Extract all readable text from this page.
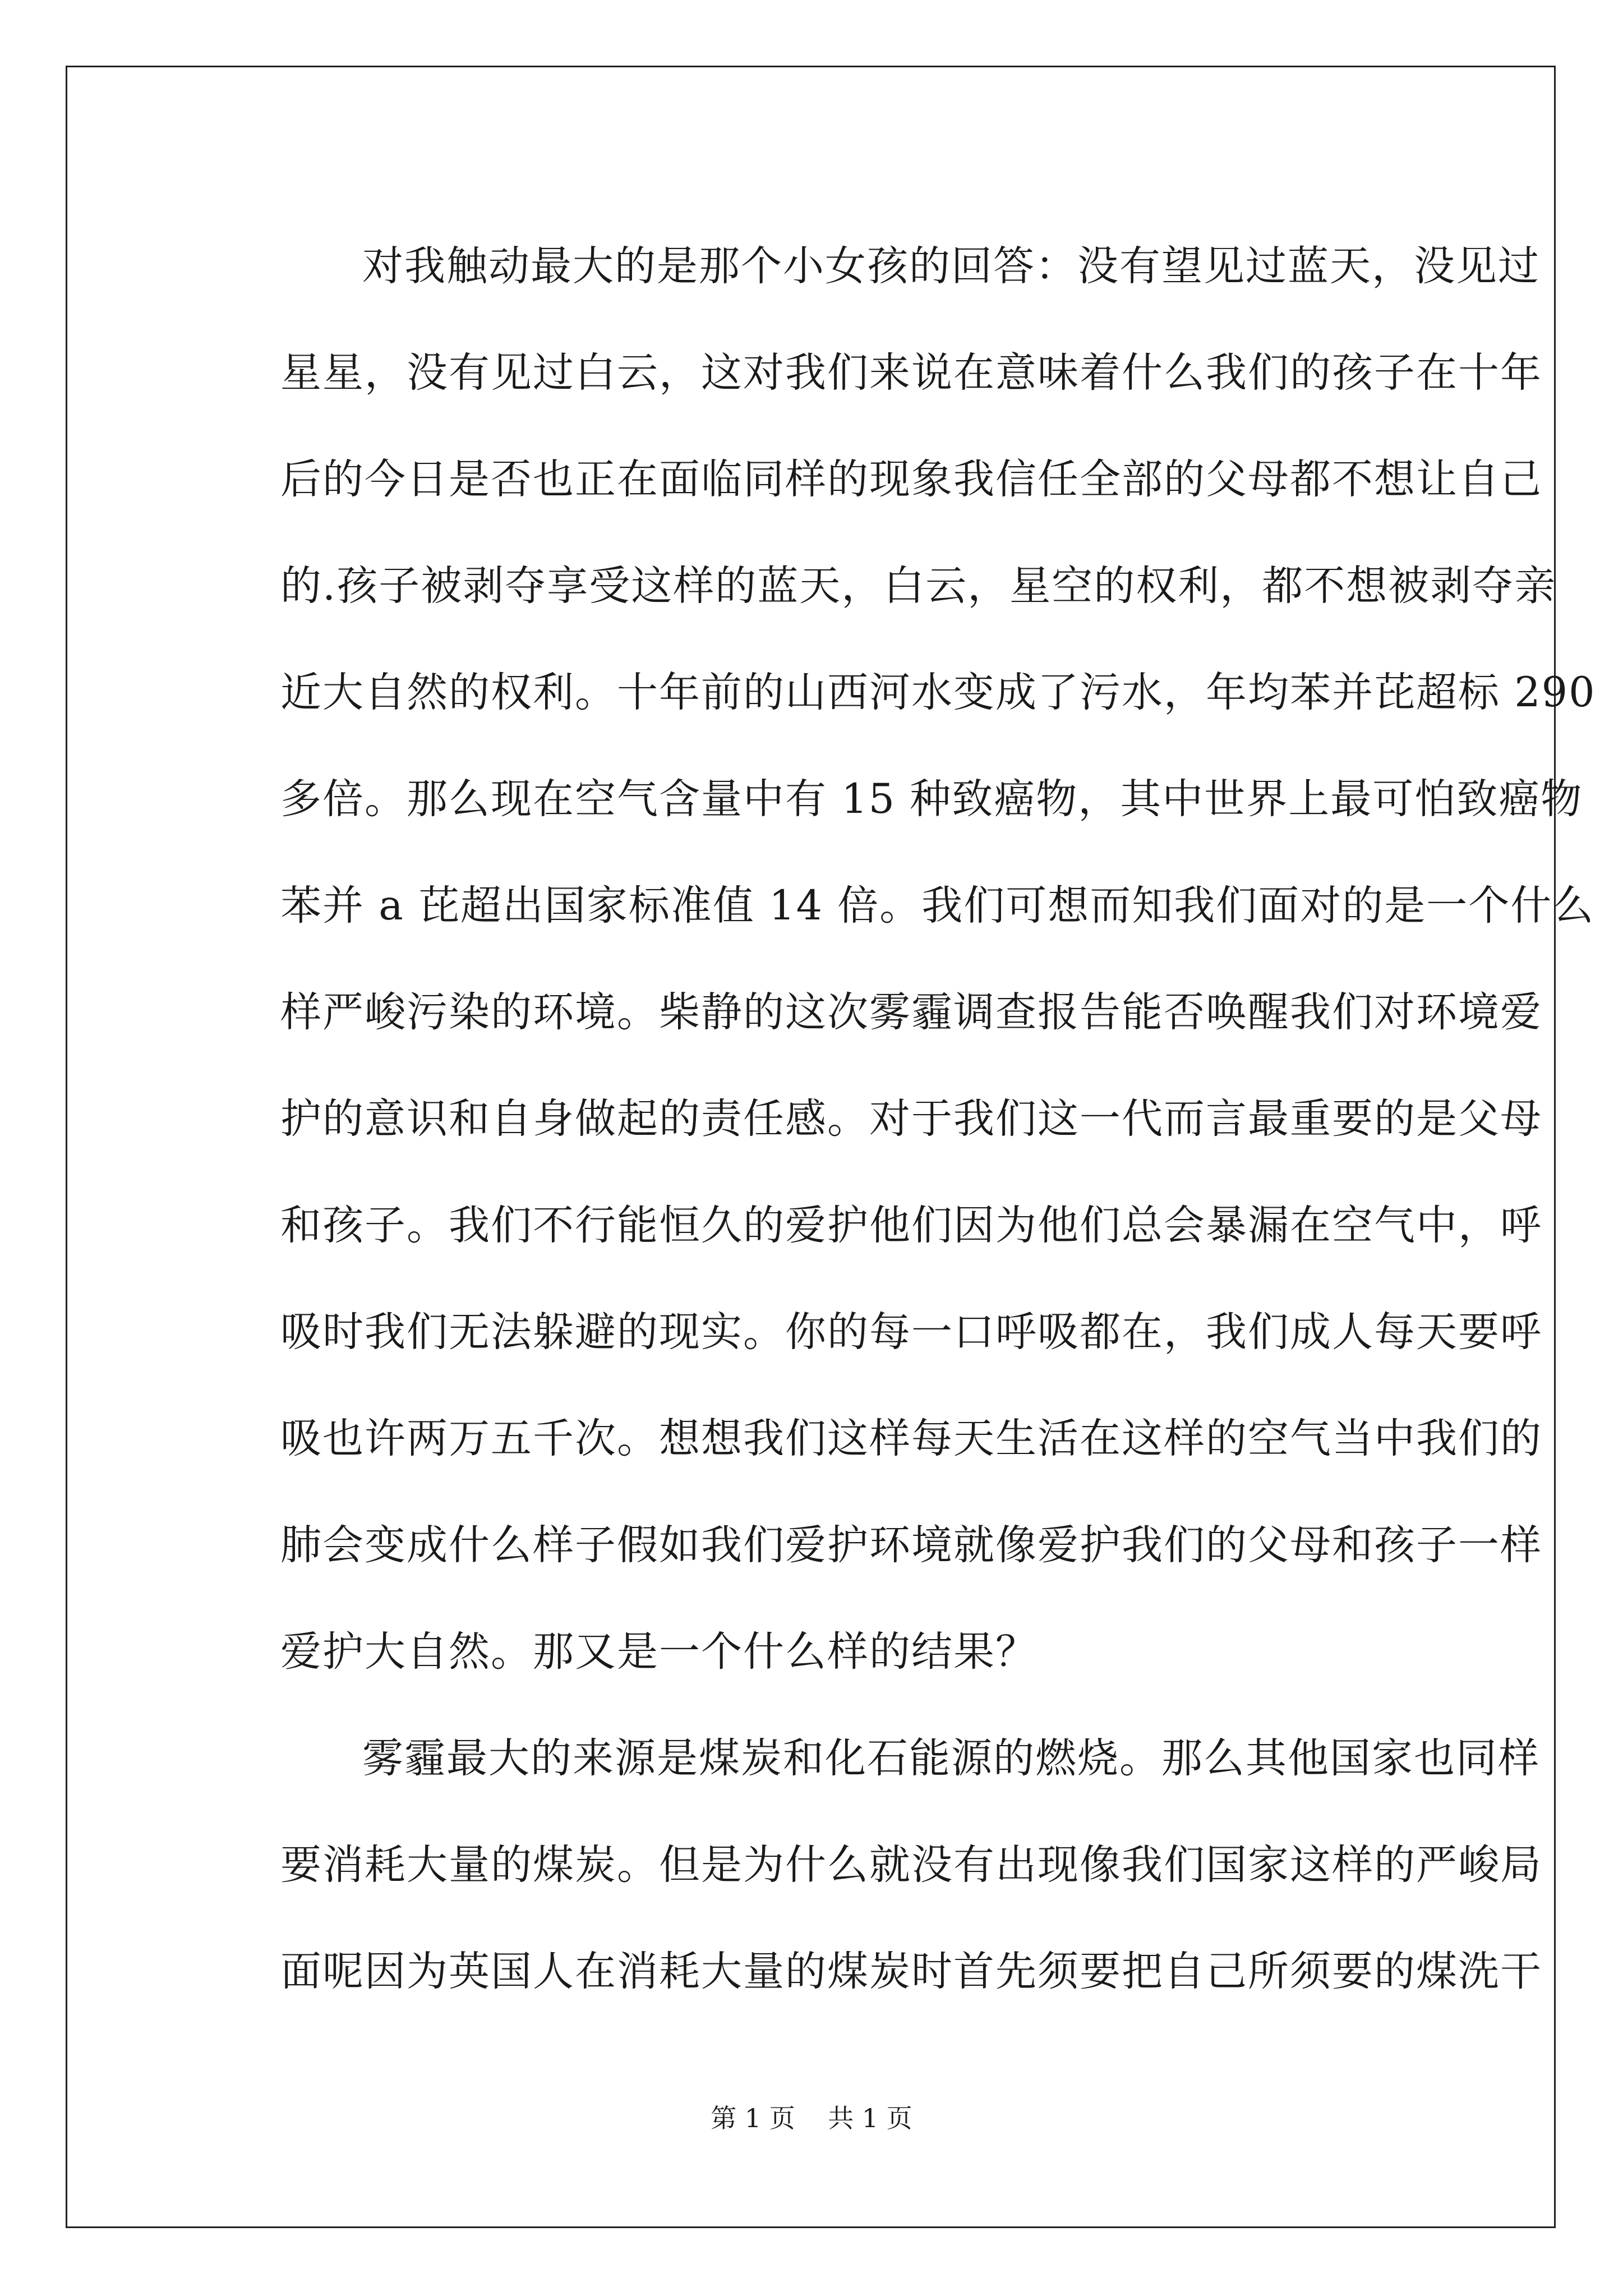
对我触动最大的是那个小女孩的回答：没有望见过蓝天，没见过
星星，没有见过白云，这对我们来说在意味着什么我们的孩子在十年
后的今日是否也正在面临同样的现象我信任全部的父母都不想让自己
的.孩子被剥夺享受这样的蓝天，白云，星空的权利，都不想被剥夺亲
近大自然的权利。十年前的山西河水变成了污水，年均苯并芘超标 290
多倍。那么现在空气含量中有 15 种致癌物，其中世界上最可怕致癌物
苯并 a 芘超出国家标准值 14 倍。我们可想而知我们面对的是一个什么
样严峻污染的环境。柴静的这次雾霾调查报告能否唤醒我们对环境爱
护的意识和自身做起的责任感。对于我们这一代而言最重要的是父母
和孩子。我们不行能恒久的爱护他们因为他们总会暴漏在空气中，呼
吸时我们无法躲避的现实。你的每一口呼吸都在，我们成人每天要呼
吸也许两万五千次。想想我们这样每天生活在这样的空气当中我们的
肺会变成什么样子假如我们爱护环境就像爱护我们的父母和孩子一样
爱护大自然。那又是一个什么样的结果？
雾霾最大的来源是煤炭和化石能源的燃烧。那么其他国家也同样
要消耗大量的煤炭。但是为什么就没有出现像我们国家这样的严峻局
面呢因为英国人在消耗大量的煤炭时首先须要把自己所须要的煤洗干
第 1 页 共 1 页
